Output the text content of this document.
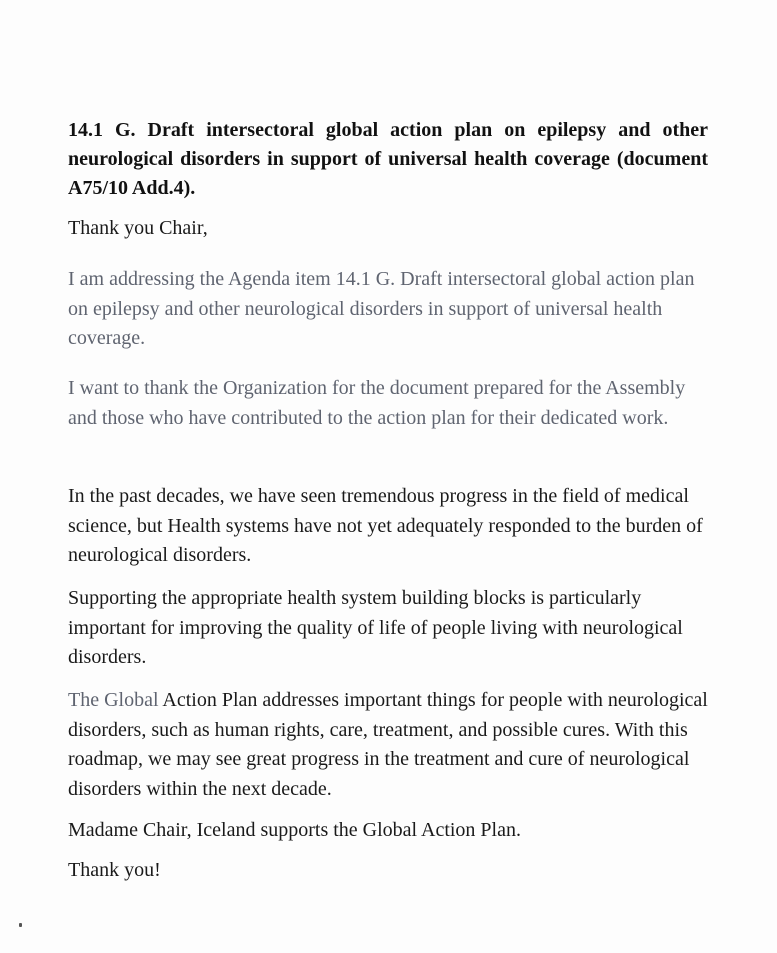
14.1 G. Draft intersectoral global action plan on epilepsy and other neurological disorders in support of universal health coverage (document A75/10 Add.4).

Thank you Chair,

I am addressing the Agenda item 14.1 G. Draft intersectoral global action plan on epilepsy and other neurological disorders in support of universal health coverage.

I want to thank the Organization for the document prepared for the Assembly and those who have contributed to the action plan for their dedicated work.

In the past decades, we have seen tremendous progress in the field of medical science, but Health systems have not yet adequately responded to the burden of neurological disorders.

Supporting the appropriate health system building blocks is particularly important for improving the quality of life of people living with neurological disorders.

The Global Action Plan addresses important things for people with neurological disorders, such as human rights, care, treatment, and possible cures. With this roadmap, we may see great progress in the treatment and cure of neurological disorders within the next decade.

Madame Chair, Iceland supports the Global Action Plan.

Thank you!
